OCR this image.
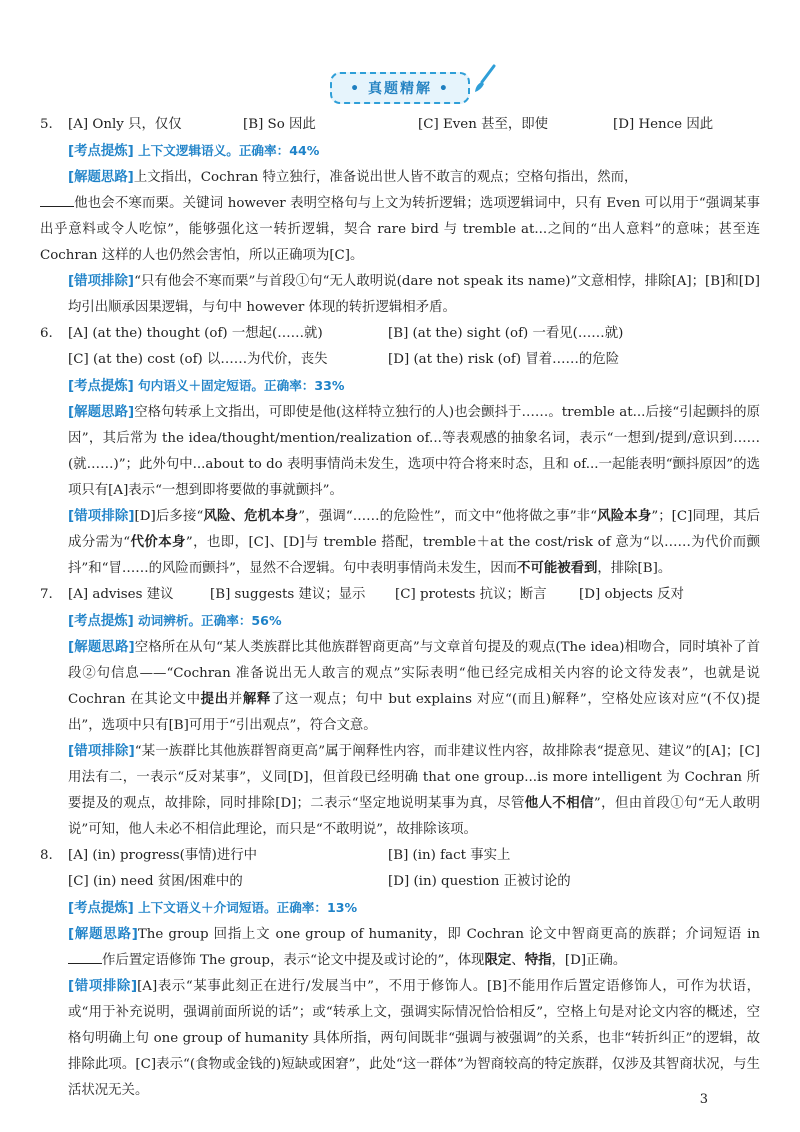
• 真题精解 •
5.	[A] Only 只，仅仅	[B] So 因此	[C] Even 甚至，即使	[D] Hence 因此
[考点提炼] 上下文逻辑语义。正确率：44%
[解题思路]上文指出，Cochran 特立独行，准备说出世人皆不敢言的观点；空格句指出，然而，
他也会不寒而栗。关键词 however 表明空格句与上文为转折逻辑；选项逻辑词中，只有 Even 可以用于“强调某事出乎意料或令人吃惊”，能够强化这一转折逻辑，契合 rare bird 与 tremble at...之间的“出人意料”的意味；甚至连 Cochran 这样的人也仍然会害怕，所以正确项为[C]。
[错项排除]“只有他会不寒而栗”与首段①句“无人敢明说(dare not speak its name)”文意相悖，排除[A]；[B]和[D]均引出顺承因果逻辑，与句中 however 体现的转折逻辑相矛盾。
6.	[A] (at the) thought (of) 一想起(……就)	[B] (at the) sight (of) 一看见(……就)
[C] (at the) cost (of) 以……为代价，丧失	[D] (at the) risk (of) 冒着……的危险
[考点提炼] 句内语义＋固定短语。正确率：33%
[解题思路]空格句转承上文指出，可即使是他(这样特立独行的人)也会颤抖于……。tremble at...后接“引起颤抖的原因”，其后常为 the idea/thought/mention/realization of...等表观感的抽象名词，表示“一想到/提到/意识到……(就……)”；此外句中...about to do 表明事情尚未发生，选项中符合将来时态，且和 of...一起能表明“颤抖原因”的选项只有[A]表示“一想到即将要做的事就颤抖”。
[错项排除][D]后多接“风险、危机本身”，强调“……的危险性”，而文中“他将做之事”非“风险本身”；[C]同理，其后成分需为“代价本身”，也即，[C]、[D]与 tremble 搭配，tremble＋at the cost/risk of 意为“以……为代价而颤抖”和“冒……的风险而颤抖”，显然不合逻辑。句中表明事情尚未发生，因而不可能被看到，排除[B]。
7.	[A] advises 建议	[B] suggests 建议；显示	[C] protests 抗议；断言	[D] objects 反对
[考点提炼] 动词辨析。正确率：56%
[解题思路]空格所在从句“某人类族群比其他族群智商更高”与文章首句提及的观点(The idea)相吻合，同时填补了首段②句信息——“Cochran 准备说出无人敢言的观点”实际表明“他已经完成相关内容的论文待发表”，也就是说 Cochran 在其论文中提出并解释了这一观点；句中 but explains 对应“(而且)解释”，空格处应该对应“(不仅)提出”，选项中只有[B]可用于“引出观点”，符合文意。
[错项排除]“某一族群比其他族群智商更高”属于阐释性内容，而非建议性内容，故排除表“提意见、建议”的[A]；[C]用法有二，一表示“反对某事”，义同[D]，但首段已经明确 that one group...is more intelligent 为 Cochran 所要提及的观点，故排除，同时排除[D]；二表示“坚定地说明某事为真，尽管他人不相信”，但由首段①句“无人敢明说”可知，他人未必不相信此理论，而只是“不敢明说”，故排除该项。
8.	[A] (in) progress(事情)进行中	[B] (in) fact 事实上
[C] (in) need 贫困/困难中的	[D] (in) question 正被讨论的
[考点提炼] 上下文语义＋介词短语。正确率：13%
[解题思路]The group 回指上文 one group of humanity，即 Cochran 论文中智商更高的族群；介词短语 in 作后置定语修饰 The group，表示“论文中提及或讨论的”，体现限定、特指，[D]正确。
[错项排除][A]表示“某事此刻正在进行/发展当中”，不用于修饰人。[B]不能用作后置定语修饰人，可作为状语，或“用于补充说明，强调前面所说的话”；或“转承上文，强调实际情况恰恰相反”，空格上句是对论文内容的概述，空格句明确上句 one group of humanity 具体所指，两句间既非“强调与被强调”的关系，也非“转折纠正”的逻辑，故排除此项。[C]表示“(食物或金钱的)短缺或困窘”，此处“这一群体”为智商较高的特定族群，仅涉及其智商状况，与生活状况无关。
3
